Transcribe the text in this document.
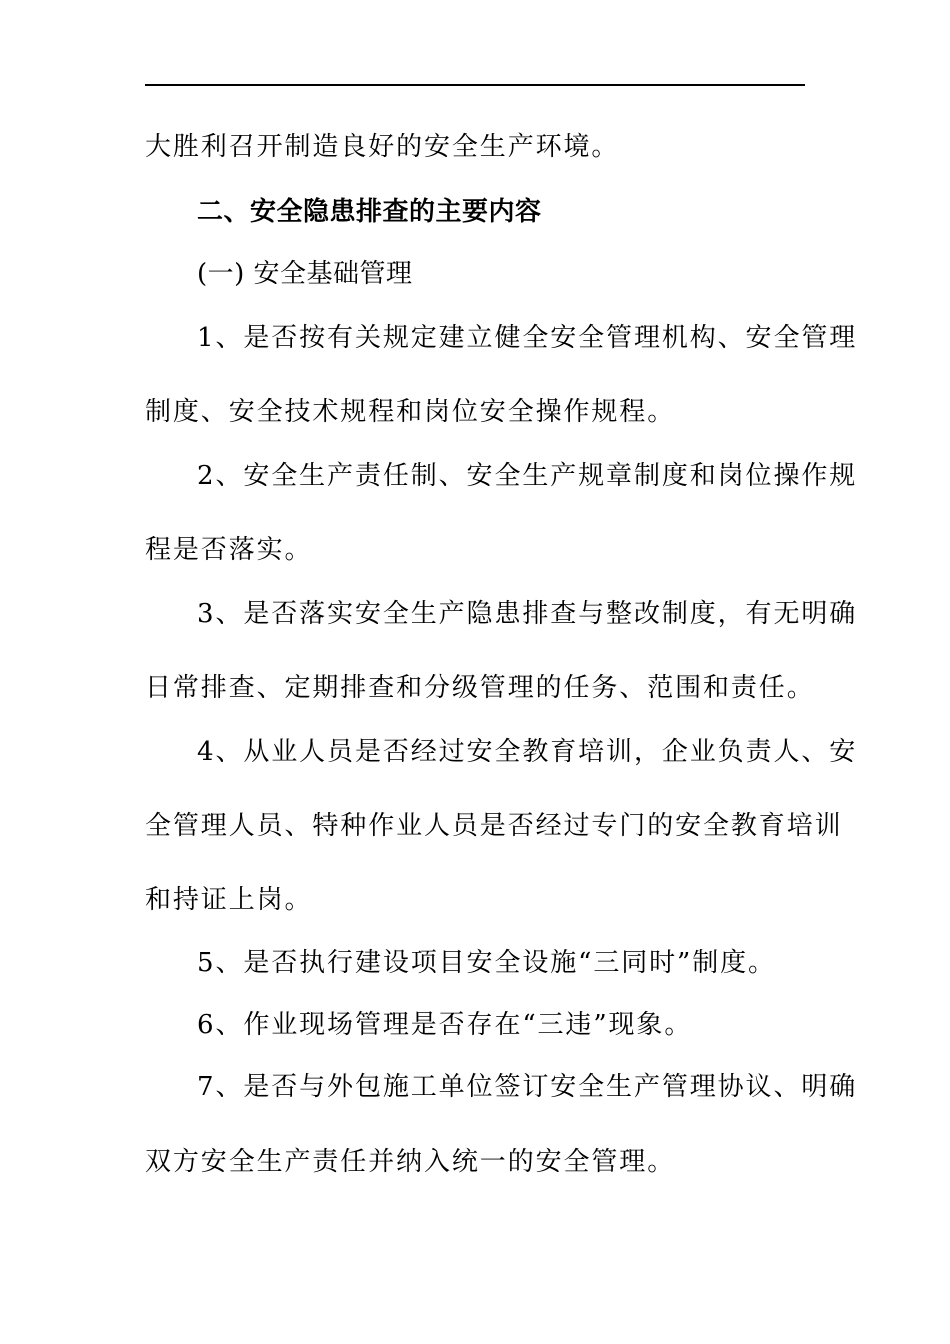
大胜利召开制造良好的安全生产环境。
二、安全隐患排查的主要内容
(一) 安全基础管理
1、是否按有关规定建立健全安全管理机构、安全管理
制度、安全技术规程和岗位安全操作规程。
2、安全生产责任制、安全生产规章制度和岗位操作规
程是否落实。
3、是否落实安全生产隐患排查与整改制度，有无明确
日常排查、定期排查和分级管理的任务、范围和责任。
4、从业人员是否经过安全教育培训，企业负责人、安
全管理人员、特种作业人员是否经过专门的安全教育培训
和持证上岗。
5、是否执行建设项目安全设施“三同时”制度。
6、作业现场管理是否存在“三违”现象。
7、是否与外包施工单位签订安全生产管理协议、明确
双方安全生产责任并纳入统一的安全管理。
